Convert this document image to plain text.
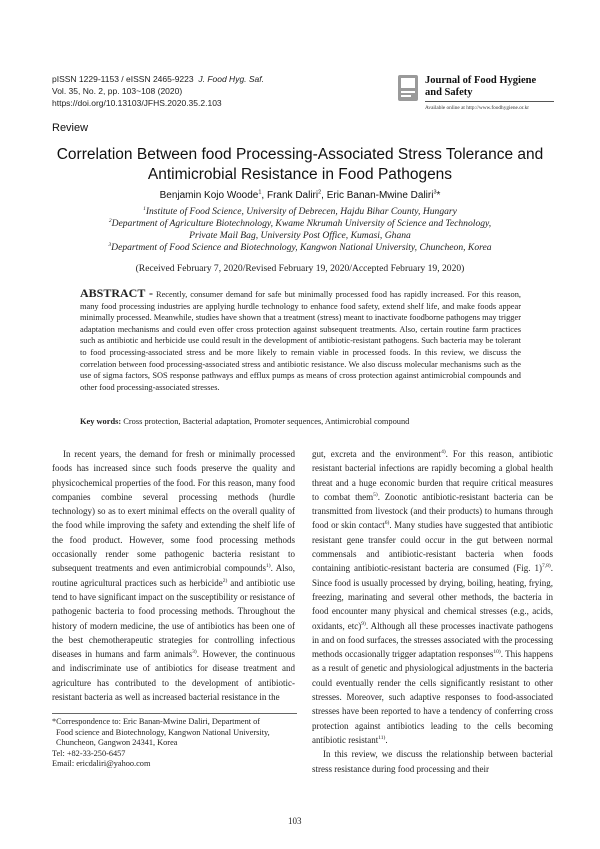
pISSN 1229-1153 / eISSN 2465-9223 J. Food Hyg. Saf.
Vol. 35, No. 2, pp. 103~108 (2020)
https://doi.org/10.13103/JFHS.2020.35.2.103
Journal of Food Hygiene
and Safety
Available online at http://www.foodhygiene.or.kr
Review
Correlation Between food Processing-Associated Stress Tolerance and
Antimicrobial Resistance in Food Pathogens
Benjamin Kojo Woode$^1$, Frank Daliri$^2$, Eric Banan-Mwine Daliri$^3$*
$^1$Institute of Food Science, University of Debrecen, Hajdu Bihar County, Hungary
$^2$Department of Agriculture Biotechnology, Kwame Nkrumah University of Science and Technology,
Private Mail Bag, University Post Office, Kumasi, Ghana
$^3$Department of Food Science and Biotechnology, Kangwon National University, Chuncheon, Korea
(Received February 7, 2020/Revised February 19, 2020/Accepted February 19, 2020)
ABSTRACT - Recently, consumer demand for safe but minimally processed food has rapidly increased. For this reason, many food processing industries are applying hurdle technology to enhance food safety, extend shelf life, and make foods appear minimally processed. Meanwhile, studies have shown that a treatment (stress) meant to inactivate foodborne pathogens may trigger adaptation mechanisms and could even offer cross protection against subsequent treatments. Also, certain routine farm practices such as antibiotic and herbicide use could result in the development of antibiotic-resistant pathogens. Such bacteria may be tolerant to food processing-associated stress and be more likely to remain viable in processed foods. In this review, we discuss the correlation between food processing-associated stress and antibiotic resistance. We also discuss molecular mechanisms such as the use of sigma factors, SOS response pathways and efflux pumps as means of cross protection against antimicrobial compounds and other food processing-associated stresses.
Key words: Cross protection, Bacterial adaptation, Promoter sequences, Antimicrobial compound

In recent years, the demand for fresh or minimally processed foods has increased since such foods preserve the quality and physicochemical properties of the food. For this reason, many food companies combine several processing methods (hurdle technology) so as to exert minimal effects on the overall quality of the food while improving the safety and extending the shelf life of the food product. However, some food processing methods occasionally render some pathogenic bacteria resistant to subsequent treatments and even antimicrobial compounds$^{1)}$. Also, routine agricultural practices such as herbicide$^{2)}$ and antibiotic use tend to have significant impact on the susceptibility or resistance of pathogenic bacteria to food processing methods. Throughout the history of modern medicine, the use of antibiotics has been one of the best chemotherapeutic strategies for controlling infectious diseases in humans and farm animals$^{3)}$. However, the continuous and indiscriminate use of antibiotics for disease treatment and agriculture has contributed to the development of antibiotic-resistant bacteria as well as increased bacterial resistance in the

gut, excreta and the environment$^{4)}$. For this reason, antibiotic resistant bacterial infections are rapidly becoming a global health threat and a huge economic burden that require critical measures to combat them$^{5)}$. Zoonotic antibiotic-resistant bacteria can be transmitted from livestock (and their products) to humans through food or skin contact$^{6)}$. Many studies have suggested that antibiotic resistant gene transfer could occur in the gut between normal commensals and antibiotic-resistant bacteria when foods containing antibiotic-resistant bacteria are consumed (Fig. 1)$^{7,8)}$. Since food is usually processed by drying, boiling, heating, frying, freezing, marinating and several other methods, the bacteria in food encounter many physical and chemical stresses (e.g., acids, oxidants, etc)$^{9)}$. Although all these processes inactivate pathogens in and on food surfaces, the stresses associated with the processing methods occasionally trigger adaptation responses$^{10)}$. This happens as a result of genetic and physiological adjustments in the bacteria could eventually render the cells significantly resistant to other stresses. Moreover, such adaptive responses to food-associated stresses have been reported to have a tendency of conferring cross protection against antibiotics leading to the cells becoming antibiotic resistant$^{11)}$.

In this review, we discuss the relationship between bacterial stress resistance during food processing and their

*Correspondence to: Eric Banan-Mwine Daliri, Department of
Food science and Biotechnology, Kangwon National University,
Chuncheon, Gangwon 24341, Korea
Tel: +82-33-250-6457
Email: ericdaliri@yahoo.com
103
